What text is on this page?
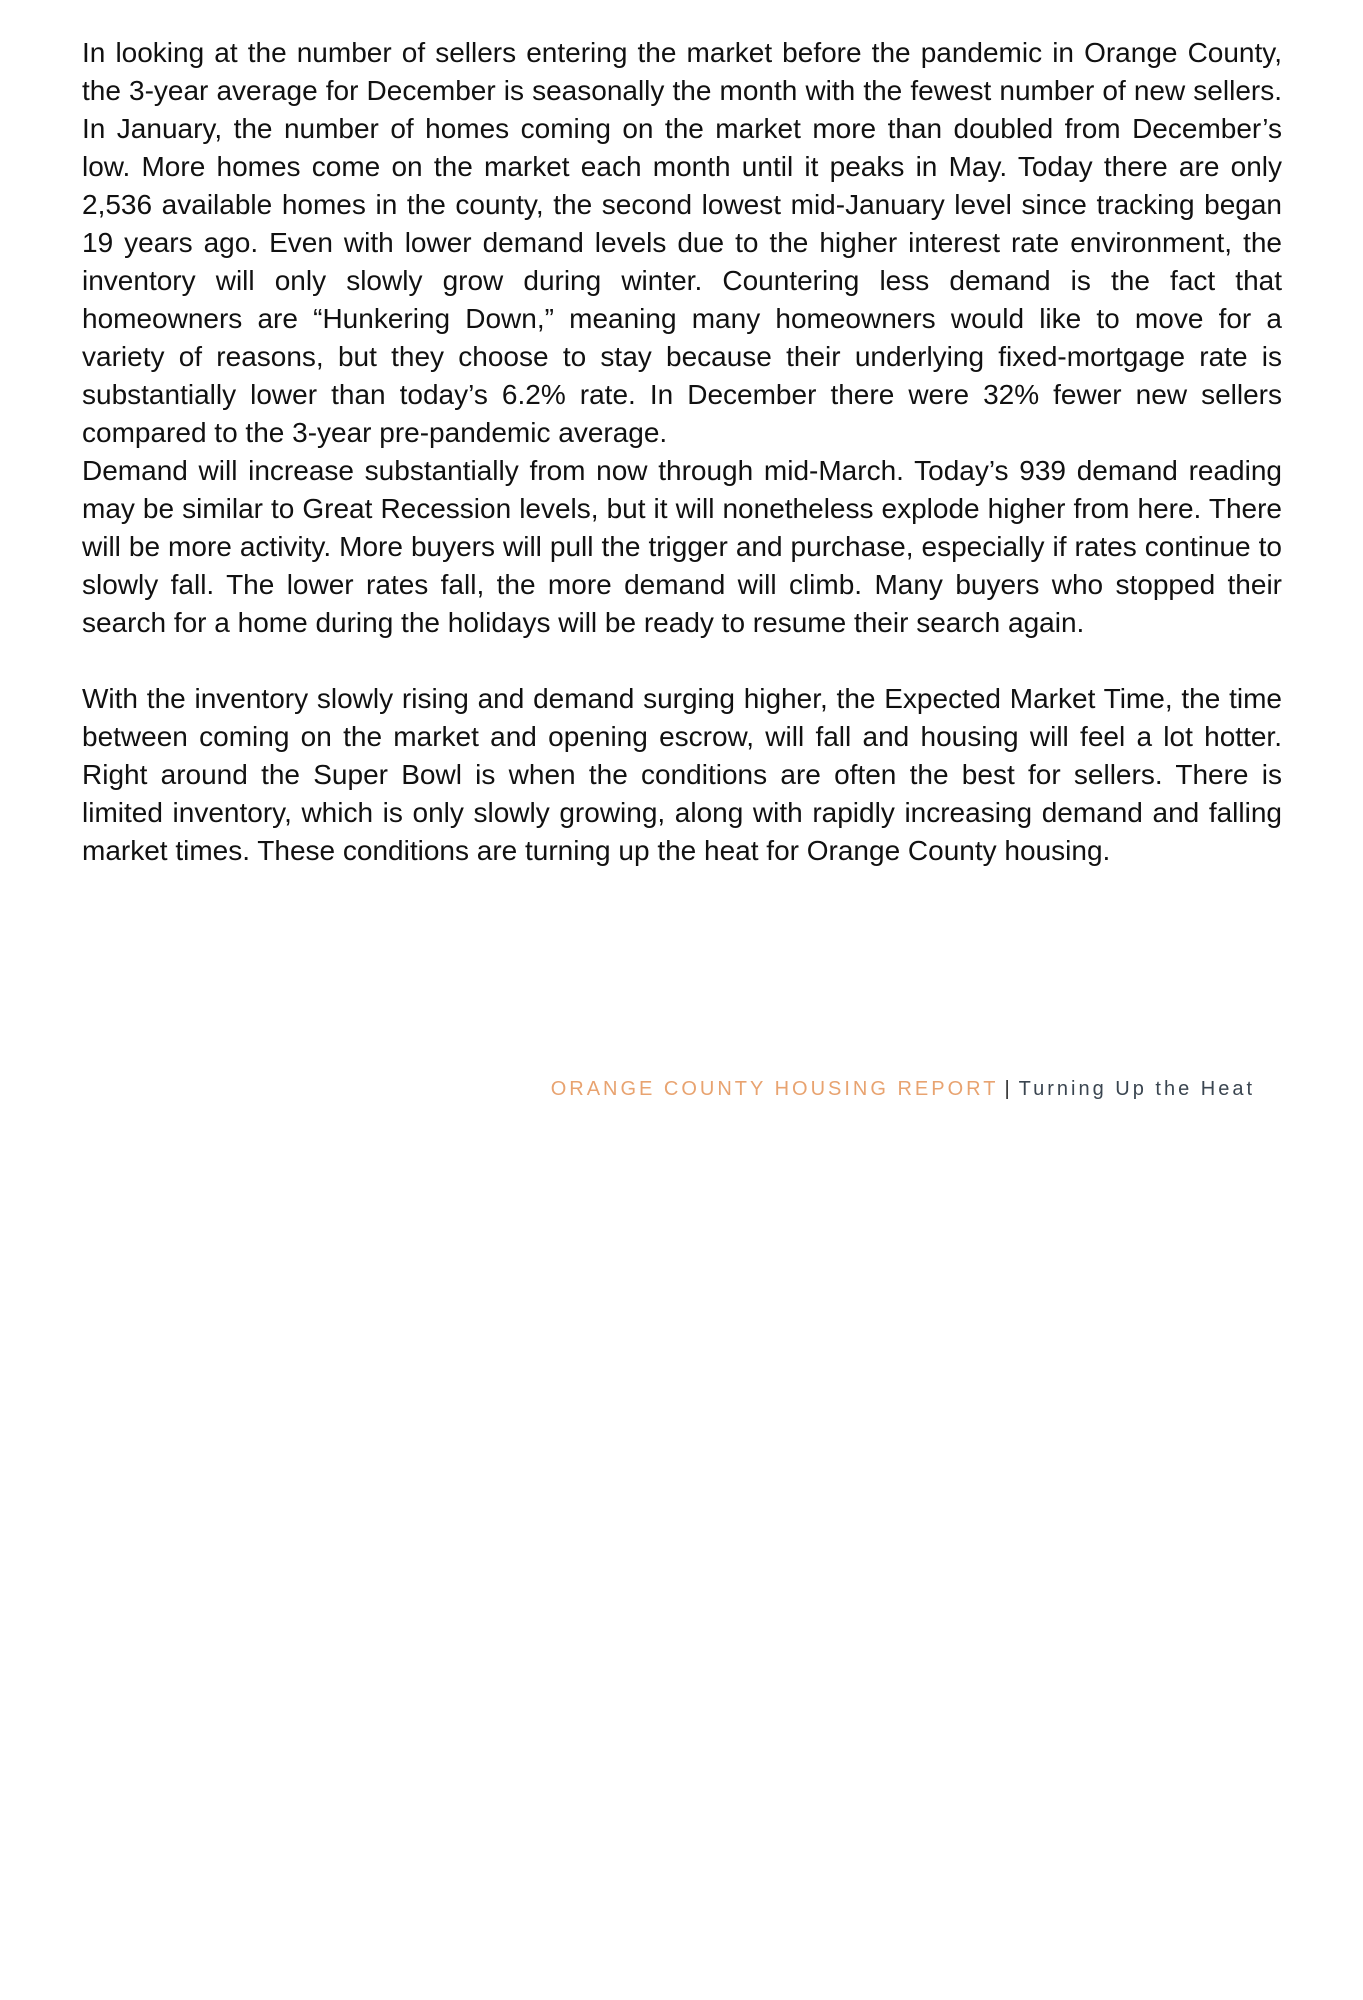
In looking at the number of sellers entering the market before the pandemic in Orange County, the 3-year average for December is seasonally the month with the fewest number of new sellers. In January, the number of homes coming on the market more than doubled from December’s low. More homes come on the market each month until it peaks in May. Today there are only 2,536 available homes in the county, the second lowest mid-January level since tracking began 19 years ago. Even with lower demand levels due to the higher interest rate environment, the inventory will only slowly grow during winter. Countering less demand is the fact that homeowners are “Hunkering Down,” meaning many homeowners would like to move for a variety of reasons, but they choose to stay because their underlying fixed-mortgage rate is substantially lower than today’s 6.2% rate. In December there were 32% fewer new sellers compared to the 3-year pre-pandemic average.

Demand will increase substantially from now through mid-March. Today’s 939 demand reading may be similar to Great Recession levels, but it will nonetheless explode higher from here. There will be more activity. More buyers will pull the trigger and purchase, especially if rates continue to slowly fall. The lower rates fall, the more demand will climb. Many buyers who stopped their search for a home during the holidays will be ready to resume their search again.

With the inventory slowly rising and demand surging higher, the Expected Market Time, the time between coming on the market and opening escrow, will fall and housing will feel a lot hotter. Right around the Super Bowl is when the conditions are often the best for sellers. There is limited inventory, which is only slowly growing, along with rapidly increasing demand and falling market times. These conditions are turning up the heat for Orange County housing.

ORANGE COUNTY HOUSING REPORT | Turning Up the Heat
